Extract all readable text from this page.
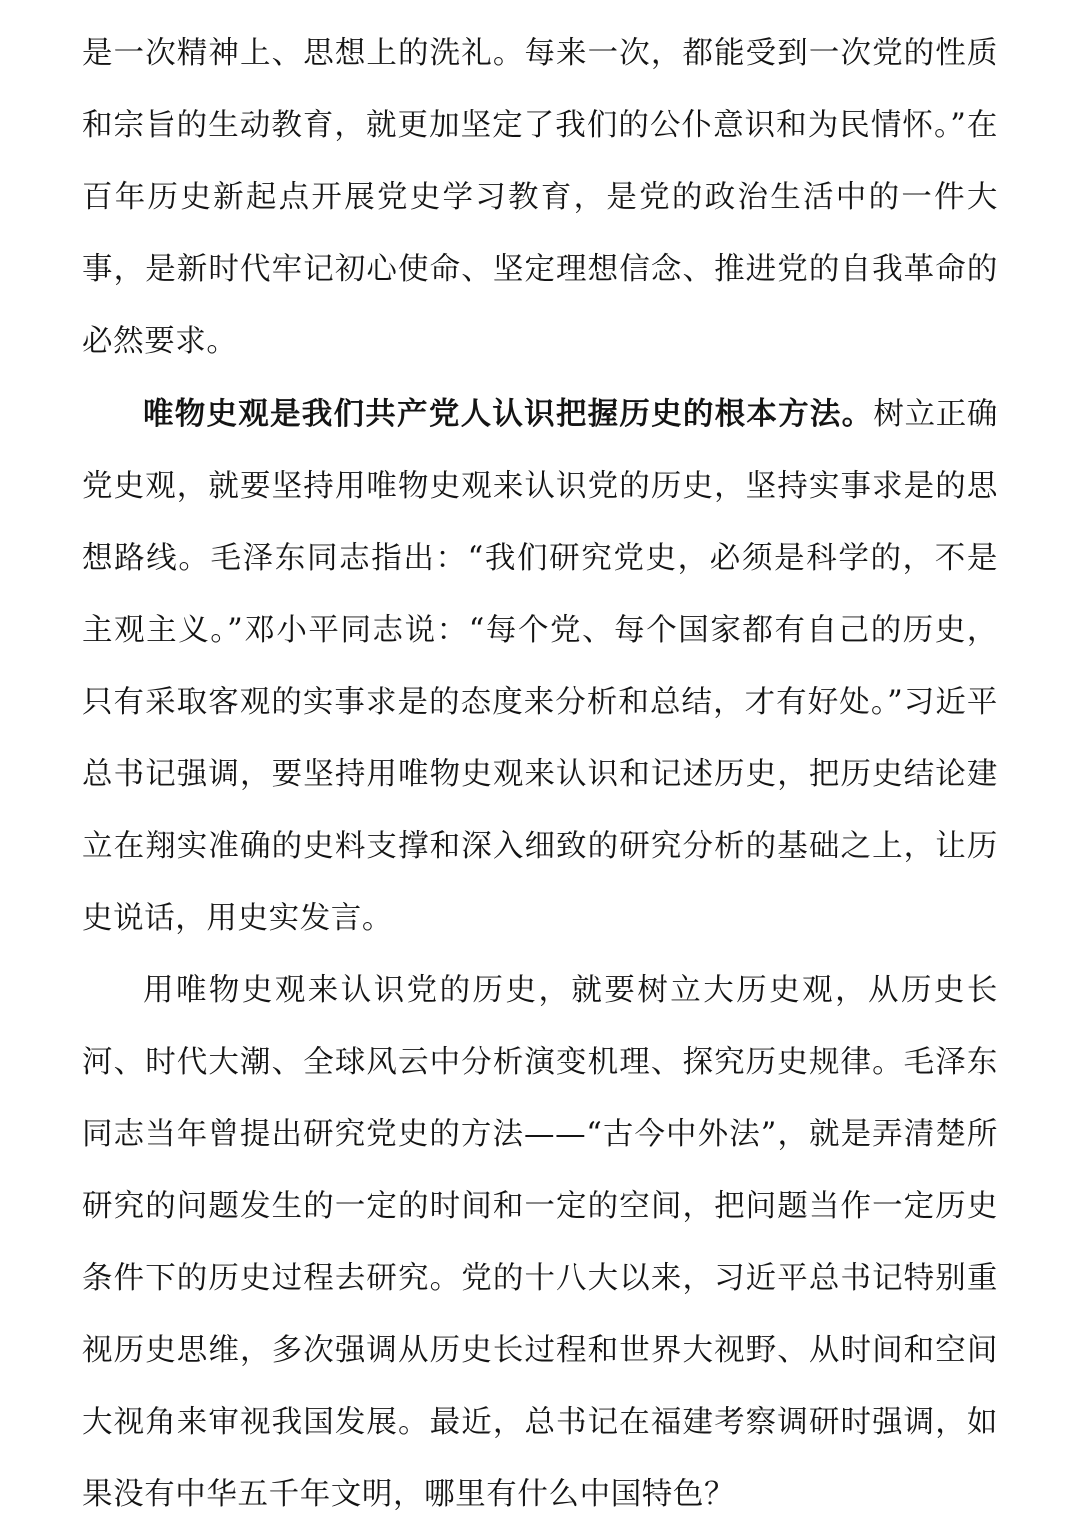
是一次精神上、思想上的洗礼。每来一次，都能受到一次党的性质和宗旨的生动教育，就更加坚定了我们的公仆意识和为民情怀。”在百年历史新起点开展党史学习教育，是党的政治生活中的一件大事，是新时代牢记初心使命、坚定理想信念、推进党的自我革命的必然要求。

唯物史观是我们共产党人认识把握历史的根本方法。树立正确党史观，就要坚持用唯物史观来认识党的历史，坚持实事求是的思想路线。毛泽东同志指出：“我们研究党史，必须是科学的，不是主观主义。”邓小平同志说：“每个党、每个国家都有自己的历史，只有采取客观的实事求是的态度来分析和总结，才有好处。”习近平总书记强调，要坚持用唯物史观来认识和记述历史，把历史结论建立在翔实准确的史料支撑和深入细致的研究分析的基础之上，让历史说话，用史实发言。

用唯物史观来认识党的历史，就要树立大历史观，从历史长河、时代大潮、全球风云中分析演变机理、探究历史规律。毛泽东同志当年曾提出研究党史的方法——“古今中外法”，就是弄清楚所研究的问题发生的一定的时间和一定的空间，把问题当作一定历史条件下的历史过程去研究。党的十八大以来，习近平总书记特别重视历史思维，多次强调从历史长过程和世界大视野、从时间和空间大视角来审视我国发展。最近，总书记在福建考察调研时强调，如果没有中华五千年文明，哪里有什么中国特色？
